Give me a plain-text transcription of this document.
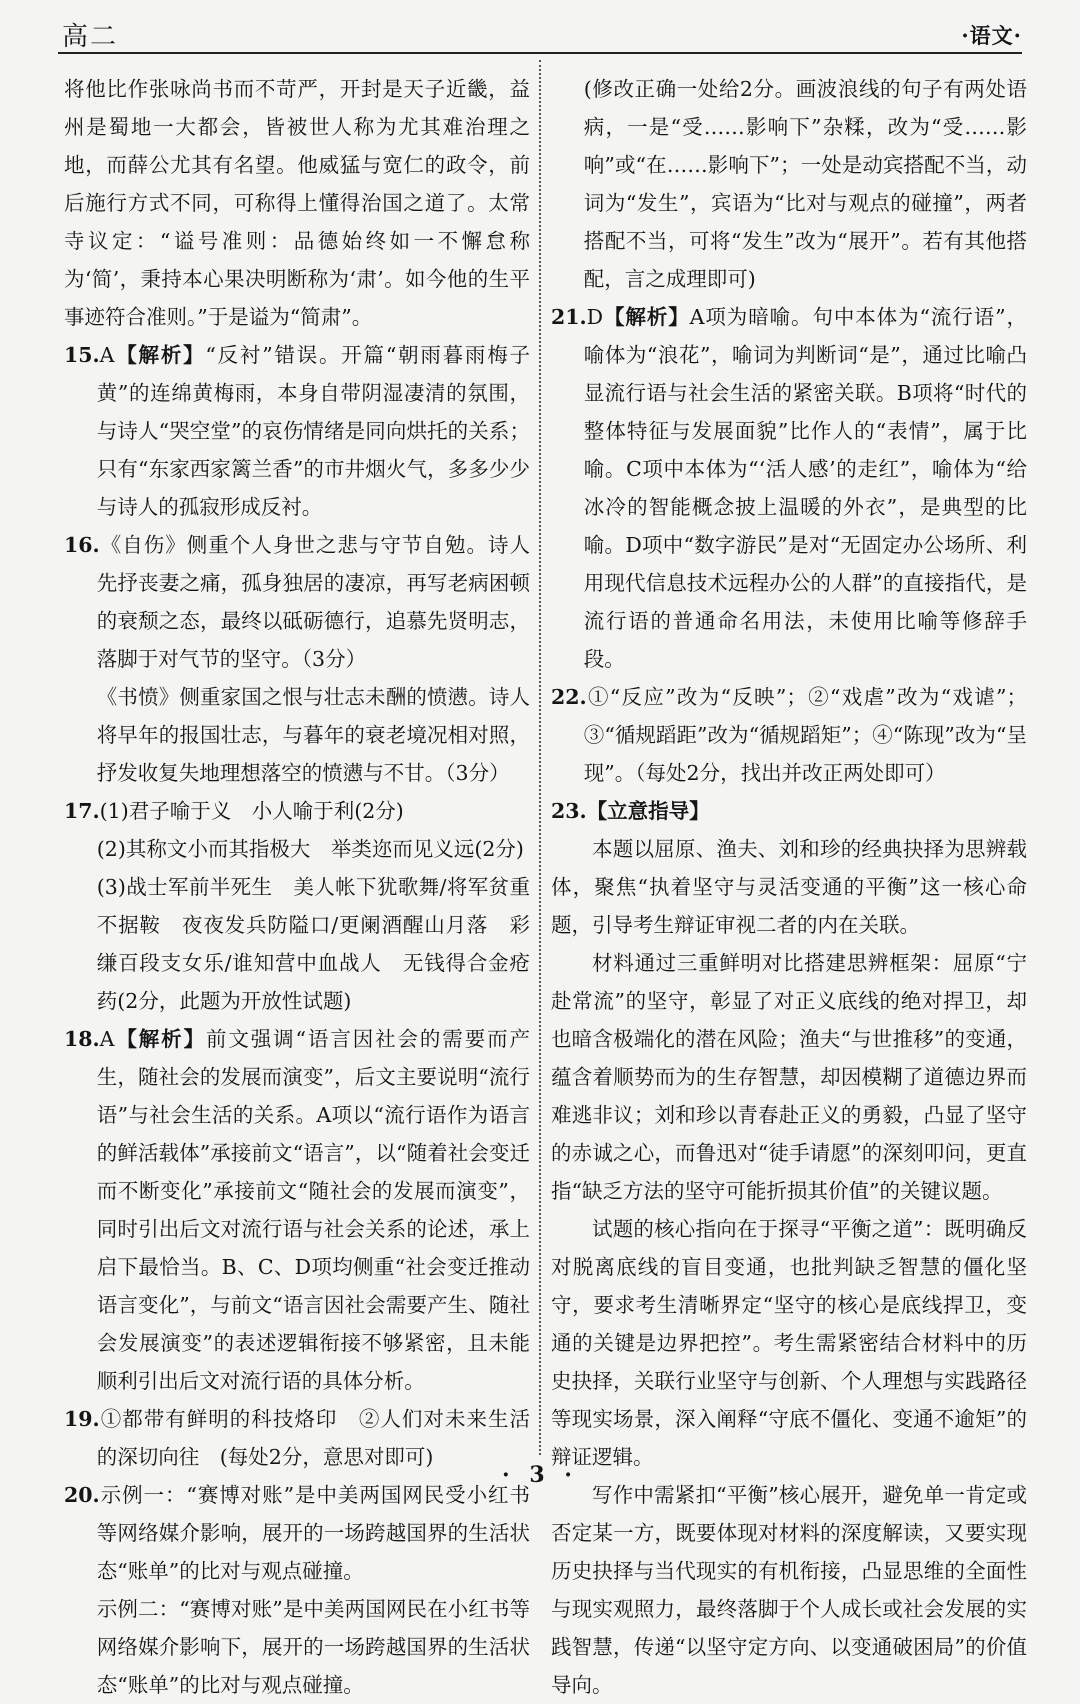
高二	·语文·

将他比作张咏尚书而不苛严，开封是天子近畿，益州是蜀地一大都会，皆被世人称为尤其难治理之地，而薛公尤其有名望。他威猛与宽仁的政令，前后施行方式不同，可称得上懂得治国之道了。太常寺议定：“谥号准则：品德始终如一不懈怠称为‘简’，秉持本心果决明断称为‘肃’。如今他的生平事迹符合准则。”于是谥为“简肃”。

15.A【解析】“反衬”错误。开篇“朝雨暮雨梅子黄”的连绵黄梅雨，本身自带阴湿凄清的氛围，与诗人“哭空堂”的哀伤情绪是同向烘托的关系；只有“东家西家篱兰香”的市井烟火气，多多少少与诗人的孤寂形成反衬。

16.《自伤》侧重个人身世之悲与守节自勉。诗人先抒丧妻之痛，孤身独居的凄凉，再写老病困顿的衰颓之态，最终以砥砺德行，追慕先贤明志，落脚于对气节的坚守。（3分）

《书愤》侧重家国之恨与壮志未酬的愤懑。诗人将早年的报国壮志，与暮年的衰老境况相对照，抒发收复失地理想落空的愤懑与不甘。（3分）

17.(1)君子喻于义　小人喻于利(2分)

(2)其称文小而其指极大　举类迩而见义远(2分)

(3)战士军前半死生　美人帐下犹歌舞/将军贫重不据鞍　夜夜发兵防隘口/更阑酒醒山月落　彩缣百段支女乐/谁知营中血战人　无钱得合金疮药(2分，此题为开放性试题)

18.A【解析】前文强调“语言因社会的需要而产生，随社会的发展而演变”，后文主要说明“流行语”与社会生活的关系。A项以“流行语作为语言的鲜活载体”承接前文“语言”，以“随着社会变迁而不断变化”承接前文“随社会的发展而演变”，同时引出后文对流行语与社会关系的论述，承上启下最恰当。B、C、D项均侧重“社会变迁推动语言变化”，与前文“语言因社会需要产生、随社会发展演变”的表述逻辑衔接不够紧密，且未能顺利引出后文对流行语的具体分析。

19.①都带有鲜明的科技烙印　②人们对未来生活的深切向往　(每处2分，意思对即可)

20.示例一：“赛博对账”是中美两国网民受小红书等网络媒介影响，展开的一场跨越国界的生活状态“账单”的比对与观点碰撞。

示例二：“赛博对账”是中美两国网民在小红书等网络媒介影响下，展开的一场跨越国界的生活状态“账单”的比对与观点碰撞。

(修改正确一处给2分。画波浪线的句子有两处语病，一是“受……影响下”杂糅，改为“受……影响”或“在……影响下”；一处是动宾搭配不当，动词为“发生”，宾语为“比对与观点的碰撞”，两者搭配不当，可将“发生”改为“展开”。若有其他搭配，言之成理即可)

21.D【解析】A项为暗喻。句中本体为“流行语”，喻体为“浪花”，喻词为判断词“是”，通过比喻凸显流行语与社会生活的紧密关联。B项将“时代的整体特征与发展面貌”比作人的“表情”，属于比喻。C项中本体为“‘活人感’的走红”，喻体为“给冰冷的智能概念披上温暖的外衣”，是典型的比喻。D项中“数字游民”是对“无固定办公场所、利用现代信息技术远程办公的人群”的直接指代，是流行语的普通命名用法，未使用比喻等修辞手段。

22.①“反应”改为“反映”；②“戏虐”改为“戏谑”；③“循规蹈距”改为“循规蹈矩”；④“陈现”改为“呈现”。（每处2分，找出并改正两处即可）

23.【立意指导】

本题以屈原、渔夫、刘和珍的经典抉择为思辨载体，聚焦“执着坚守与灵活变通的平衡”这一核心命题，引导考生辩证审视二者的内在关联。

材料通过三重鲜明对比搭建思辨框架：屈原“宁赴常流”的坚守，彰显了对正义底线的绝对捍卫，却也暗含极端化的潜在风险；渔夫“与世推移”的变通，蕴含着顺势而为的生存智慧，却因模糊了道德边界而难逃非议；刘和珍以青春赴正义的勇毅，凸显了坚守的赤诚之心，而鲁迅对“徒手请愿”的深刻叩问，更直指“缺乏方法的坚守可能折损其价值”的关键议题。

试题的核心指向在于探寻“平衡之道”：既明确反对脱离底线的盲目变通，也批判缺乏智慧的僵化坚守，要求考生清晰界定“坚守的核心是底线捍卫，变通的关键是边界把控”。考生需紧密结合材料中的历史抉择，关联行业坚守与创新、个人理想与实践路径等现实场景，深入阐释“守底不僵化、变通不逾矩”的辩证逻辑。

写作中需紧扣“平衡”核心展开，避免单一肯定或否定某一方，既要体现对材料的深度解读，又要实现历史抉择与当代现实的有机衔接，凸显思维的全面性与现实观照力，最终落脚于个人成长或社会发展的实践智慧，传递“以坚守定方向、以变通破困局”的价值导向。

· 3 ·
